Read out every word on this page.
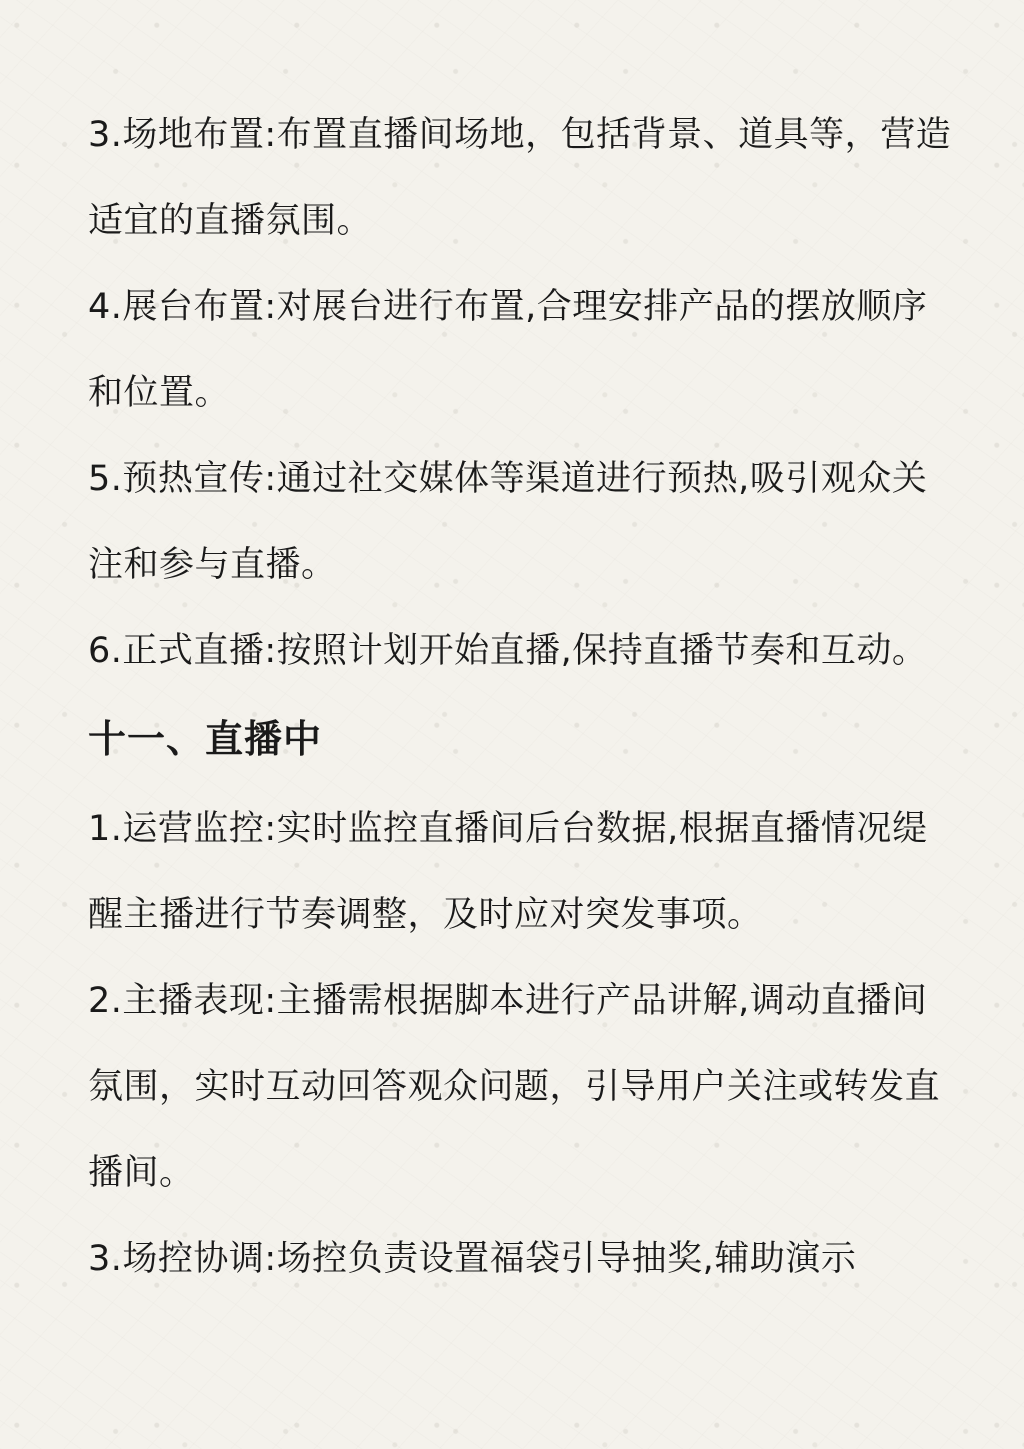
3.场地布置:布置直播间场地，包括背景、道具等，营造适宜的直播氛围。

4.展台布置:对展台进行布置,合理安排产品的摆放顺序和位置。

5.预热宣传:通过社交媒体等渠道进行预热,吸引观众关注和参与直播。

6.正式直播:按照计划开始直播,保持直播节奏和互动。

十一、直播中

1.运营监控:实时监控直播间后台数据,根据直播情况缇醒主播进行节奏调整，及时应对突发事项。

2.主播表现:主播需根据脚本进行产品讲解,调动直播间氛围，实时互动回答观众问题，引导用户关注或转发直播间。

3.场控协调:场控负责设置福袋引导抽奖,辅助演示
